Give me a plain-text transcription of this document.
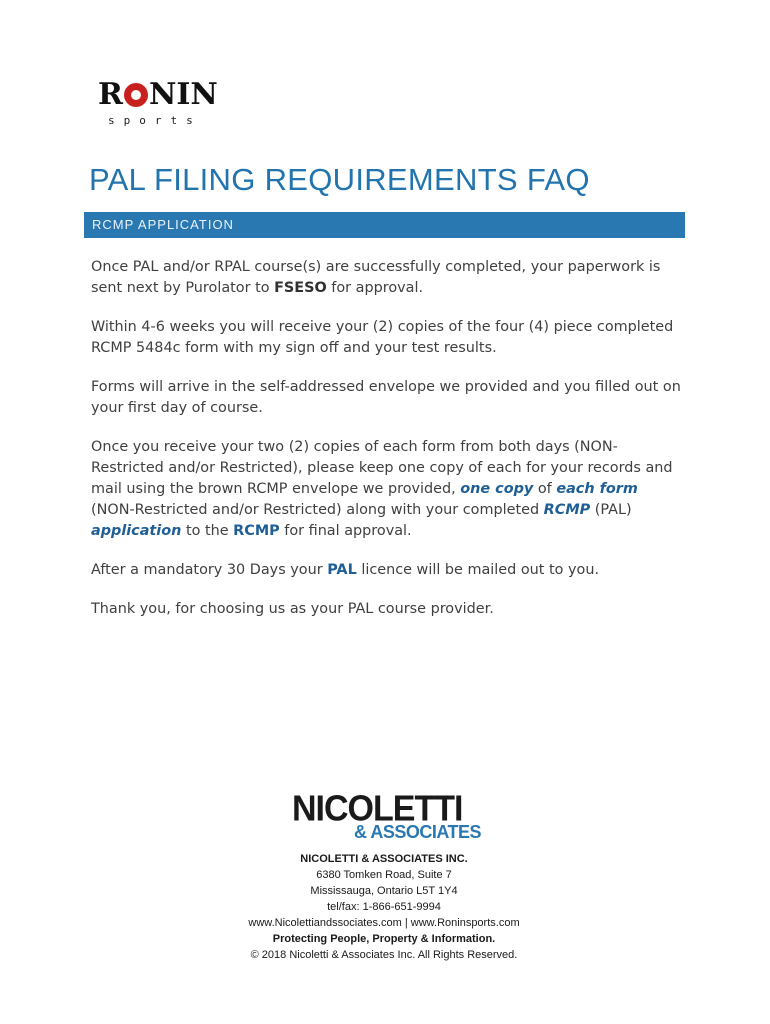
R NIN
sports
PAL FILING REQUIREMENTS FAQ
RCMP APPLICATION

Once PAL and/or RPAL course(s) are successfully completed, your paperwork is sent next by Purolator to FSESO for approval.

Within 4-6 weeks you will receive your (2) copies of the four (4) piece completed RCMP 5484c form with my sign off and your test results.

Forms will arrive in the self-addressed envelope we provided and you filled out on your first day of course.

Once you receive your two (2) copies of each form from both days (NON-Restricted and/or Restricted), please keep one copy of each for your records and mail using the brown RCMP envelope we provided, one copy of each form (NON-Restricted and/or Restricted) along with your completed RCMP (PAL) application to the RCMP for final approval.

After a mandatory 30 Days your PAL licence will be mailed out to you.

Thank you, for choosing us as your PAL course provider.

NICOLETTI
& ASSOCIATES
NICOLETTI & ASSOCIATES INC.
6380 Tomken Road, Suite 7
Mississauga, Ontario L5T 1Y4
tel/fax: 1-866-651-9994
www.Nicolettiandssociates.com | www.Roninsports.com
Protecting People, Property & Information.
© 2018 Nicoletti & Associates Inc. All Rights Reserved.
